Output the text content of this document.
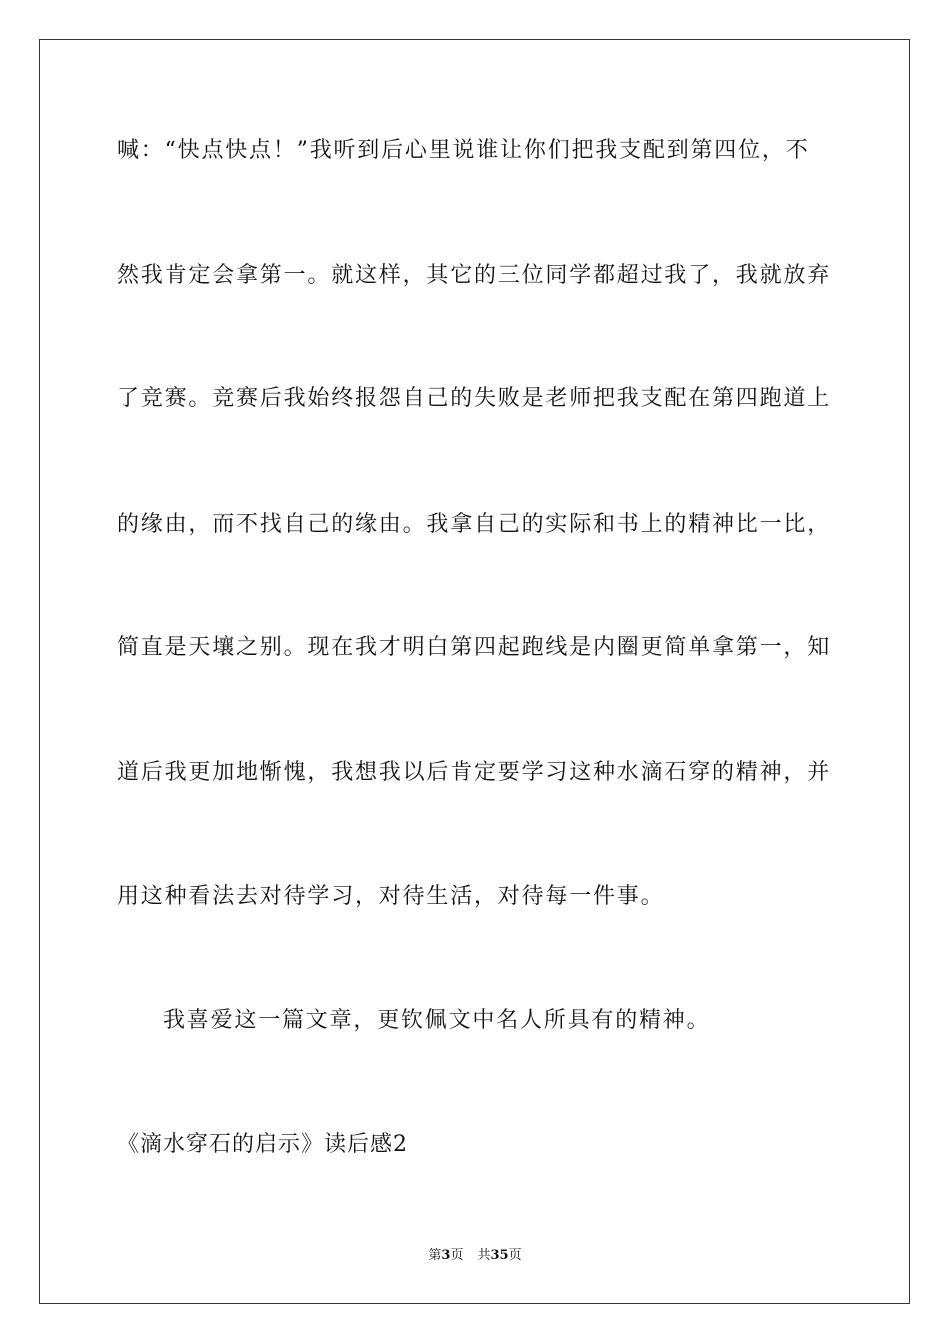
喊：“快点快点！”我听到后心里说谁让你们把我支配到第四位，不
然我肯定会拿第一。就这样，其它的三位同学都超过我了，我就放弃
了竞赛。竞赛后我始终报怨自己的失败是老师把我支配在第四跑道上
的缘由，而不找自己的缘由。我拿自己的实际和书上的精神比一比，
简直是天壤之别。现在我才明白第四起跑线是内圈更简单拿第一，知
道后我更加地惭愧，我想我以后肯定要学习这种水滴石穿的精神，并
用这种看法去对待学习，对待生活，对待每一件事。
我喜爱这一篇文章，更钦佩文中名人所具有的精神。
《滴水穿石的启示》读后感2
第3页 共35页
